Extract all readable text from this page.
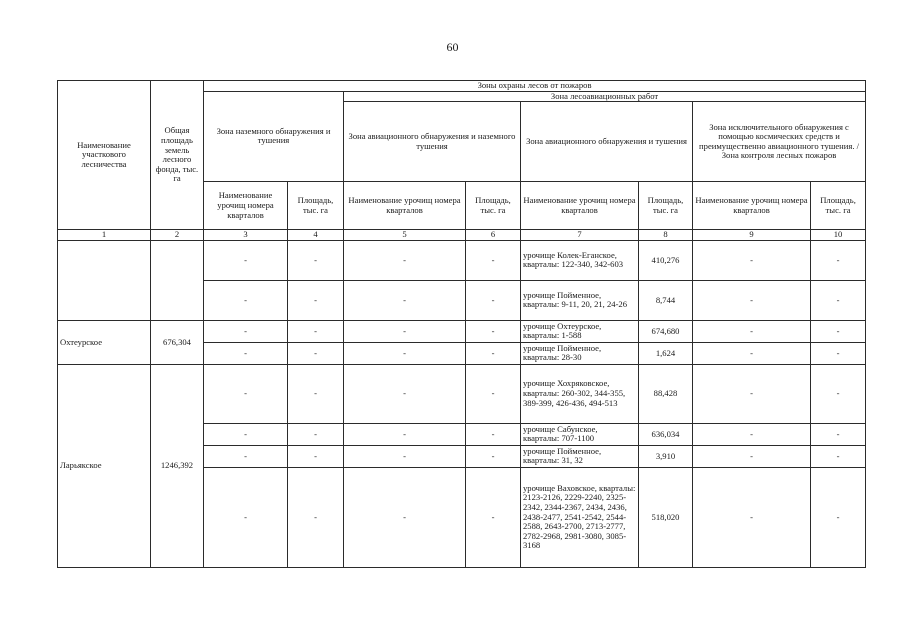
60
Наименование участкового лесничества	Общая площадь земель лесного фонда, тыс. га	Зоны охраны лесов от пожаров							
		Зона наземного обнаружения и тушения		Зона лесоавиационных работ					
				Зона авиационного обнаружения и наземного тушения		Зона авиационного обнаружения и тушения		Зона исключительного обнаружения с помощью космических средств и преимущественно авиационного тушения. / Зона контроля лесных пожаров	
		Наименование урочищ номера кварталов	Площадь, тыс. га	Наименование урочищ номера кварталов	Площадь, тыс. га	Наименование урочищ номера кварталов	Площадь, тыс. га	Наименование урочищ номера кварталов	Площадь, тыс. га
1	2	3	4	5	6	7	8	9	10
		-	-	-	-	урочище Колек-Еганское, кварталы: 122-340, 342-603	410,276	-	-
		-	-	-	-	урочище Пойменное, кварталы: 9-11, 20, 21, 24-26	8,744	-	-
Охтеурское	676,304	-	-	-	-	урочище Охтеурское, кварталы: 1-588	674,680	-	-
		-	-	-	-	урочище Пойменное, кварталы: 28-30	1,624	-	-
Ларьякское	1246,392	-	-	-	-	урочище Хохряковское, кварталы: 260-302, 344-355, 389-399, 426-436, 494-513	88,428	-	-
		-	-	-	-	урочище Сабунское, кварталы: 707-1100	636,034	-	-
		-	-	-	-	урочище Пойменное, кварталы: 31, 32	3,910	-	-
		-	-	-	-	урочище Ваховское, кварталы: 2123-2126, 2229-2240, 2325-2342, 2344-2367, 2434, 2436, 2438-2477, 2541-2542, 2544-2588, 2643-2700, 2713-2777, 2782-2968, 2981-3080, 3085-3168	518,020	-	-
